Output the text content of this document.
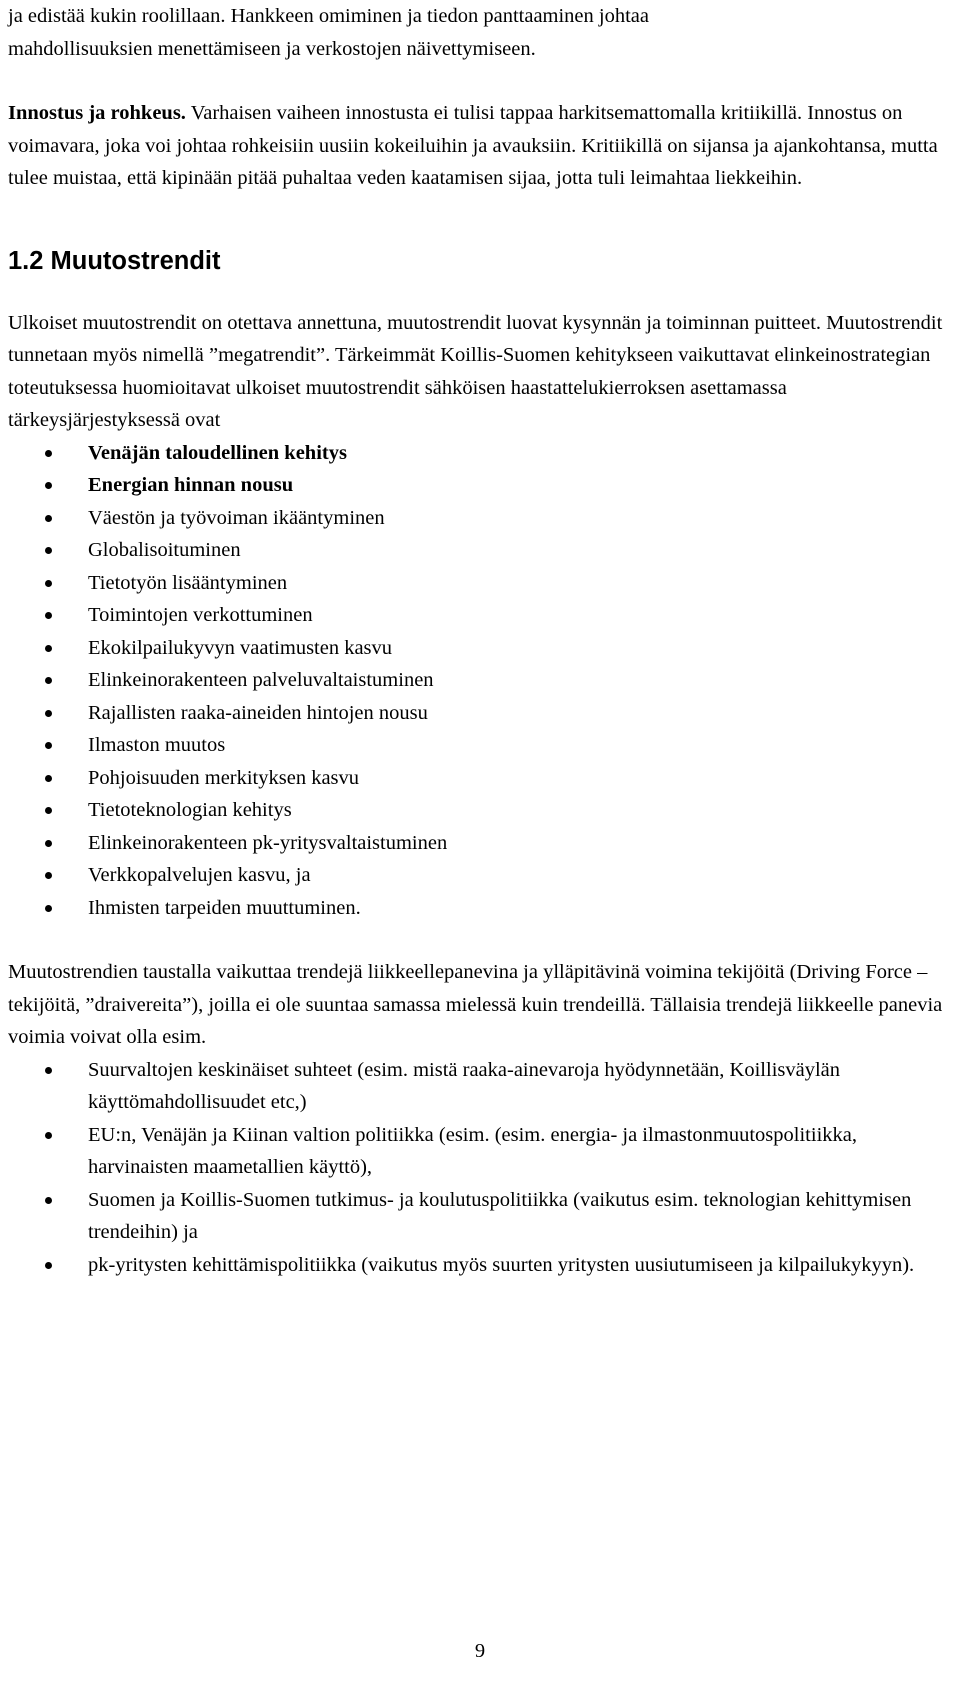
ja edistää kukin roolillaan. Hankkeen omiminen ja tiedon panttaaminen johtaa
mahdollisuuksien menettämiseen ja verkostojen näivettymiseen.

Innostus ja rohkeus. Varhaisen vaiheen innostusta ei tulisi tappaa harkitsemattomalla kritiikillä. Innostus on voimavara, joka voi johtaa rohkeisiin uusiin kokeiluihin ja avauksiin. Kritiikillä on sijansa ja ajankohtansa, mutta tulee muistaa, että kipinään pitää puhaltaa veden kaatamisen sijaa, jotta tuli leimahtaa liekkeihin.

1.2 Muutostrendit

Ulkoiset muutostrendit on otettava annettuna, muutostrendit luovat kysynnän ja toiminnan puitteet. Muutostrendit tunnetaan myös nimellä ”megatrendit”. Tärkeimmät Koillis-Suomen kehitykseen vaikuttavat elinkeinostrategian toteutuksessa huomioitavat ulkoiset muutostrendit sähköisen haastattelukierroksen asettamassa tärkeysjärjestyksessä ovat

Venäjän taloudellinen kehitys
Energian hinnan nousu
Väestön ja työvoiman ikääntyminen
Globalisoituminen
Tietotyön lisääntyminen
Toimintojen verkottuminen
Ekokilpailukyvyn vaatimusten kasvu
Elinkeinorakenteen palveluvaltaistuminen
Rajallisten raaka-aineiden hintojen nousu
Ilmaston muutos
Pohjoisuuden merkityksen kasvu
Tietoteknologian kehitys
Elinkeinorakenteen pk-yritysvaltaistuminen
Verkkopalvelujen kasvu, ja
Ihmisten tarpeiden muuttuminen.

Muutostrendien taustalla vaikuttaa trendejä liikkeellepanevina ja ylläpitävinä voimina tekijöitä (Driving Force –tekijöitä, ”draivereita”), joilla ei ole suuntaa samassa mielessä kuin trendeillä. Tällaisia trendejä liikkeelle panevia voimia voivat olla esim.

Suurvaltojen keskinäiset suhteet (esim. mistä raaka-ainevaroja hyödynnetään, Koillisväylän käyttömahdollisuudet etc,)
EU:n, Venäjän ja Kiinan valtion politiikka (esim. (esim. energia- ja ilmastonmuutospolitiikka, harvinaisten maametallien käyttö),
Suomen ja Koillis-Suomen tutkimus- ja koulutuspolitiikka (vaikutus esim. teknologian kehittymisen trendeihin) ja
pk-yritysten kehittämispolitiikka (vaikutus myös suurten yritysten uusiutumiseen ja kilpailukykyyn).
9
